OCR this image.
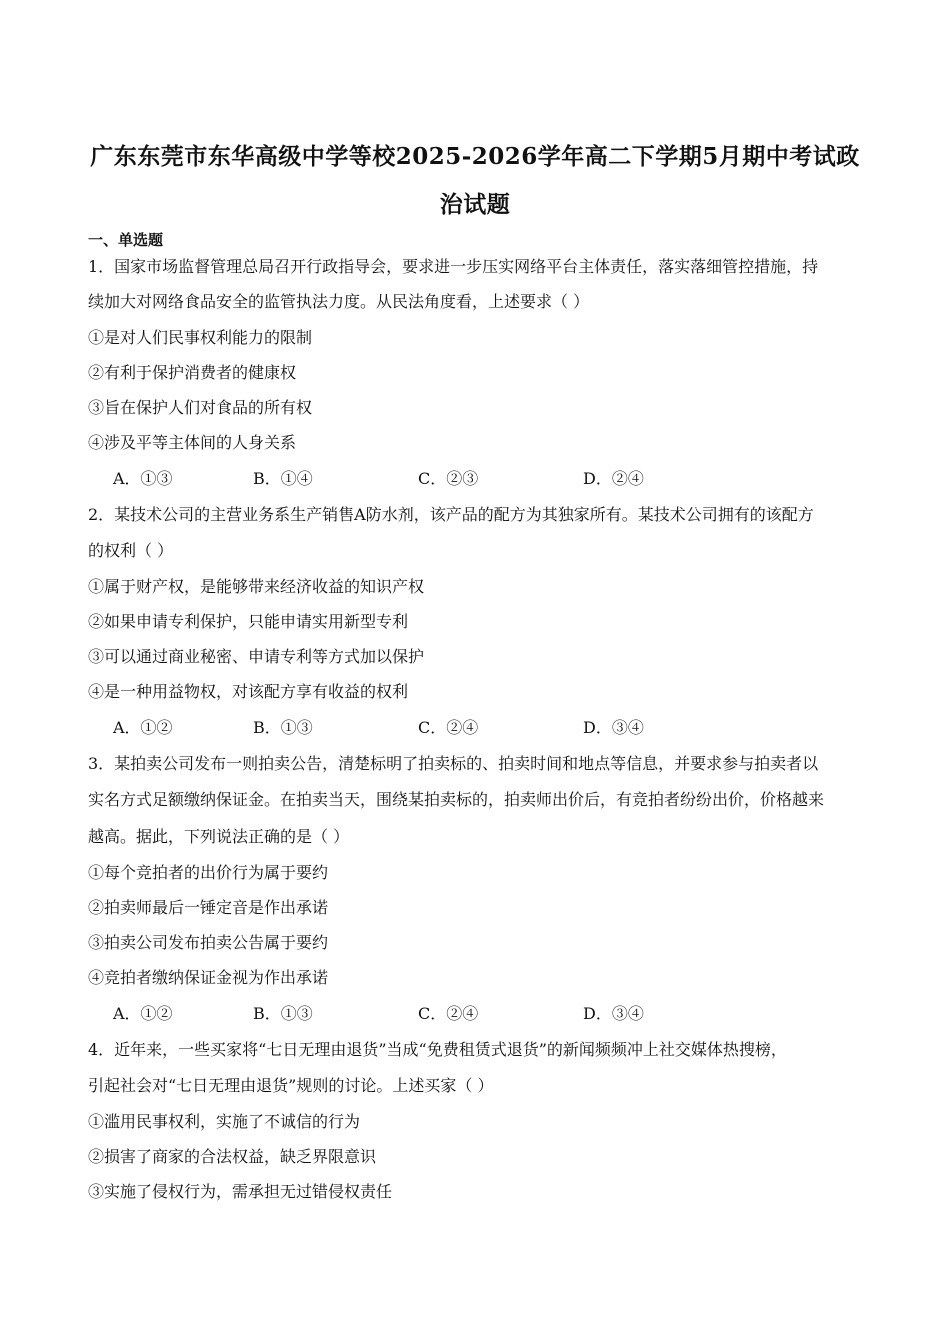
广东东莞市东华高级中学等校2025-2026学年高二下学期5月期中考试政
治试题
一、单选题
1．国家市场监督管理总局召开行政指导会，要求进一步压实网络平台主体责任，落实落细管控措施，持
续加大对网络食品安全的监管执法力度。从民法角度看，上述要求（ ）
①是对人们民事权利能力的限制
②有利于保护消费者的健康权
③旨在保护人们对食品的所有权
④涉及平等主体间的人身关系
A．①③	B．①④	C．②③	D．②④
2．某技术公司的主营业务系生产销售A防水剂，该产品的配方为其独家所有。某技术公司拥有的该配方
的权利（ ）
①属于财产权，是能够带来经济收益的知识产权
②如果申请专利保护，只能申请实用新型专利
③可以通过商业秘密、申请专利等方式加以保护
④是一种用益物权，对该配方享有收益的权利
A．①②	B．①③	C．②④	D．③④
3．某拍卖公司发布一则拍卖公告，清楚标明了拍卖标的、拍卖时间和地点等信息，并要求参与拍卖者以
实名方式足额缴纳保证金。在拍卖当天，围绕某拍卖标的，拍卖师出价后，有竞拍者纷纷出价，价格越来
越高。据此，下列说法正确的是（ ）
①每个竞拍者的出价行为属于要约
②拍卖师最后一锤定音是作出承诺
③拍卖公司发布拍卖公告属于要约
④竞拍者缴纳保证金视为作出承诺
A．①②	B．①③	C．②④	D．③④
4．近年来，一些买家将“七日无理由退货”当成“免费租赁式退货”的新闻频频冲上社交媒体热搜榜，
引起社会对“七日无理由退货”规则的讨论。上述买家（ ）
①滥用民事权利，实施了不诚信的行为
②损害了商家的合法权益，缺乏界限意识
③实施了侵权行为，需承担无过错侵权责任
